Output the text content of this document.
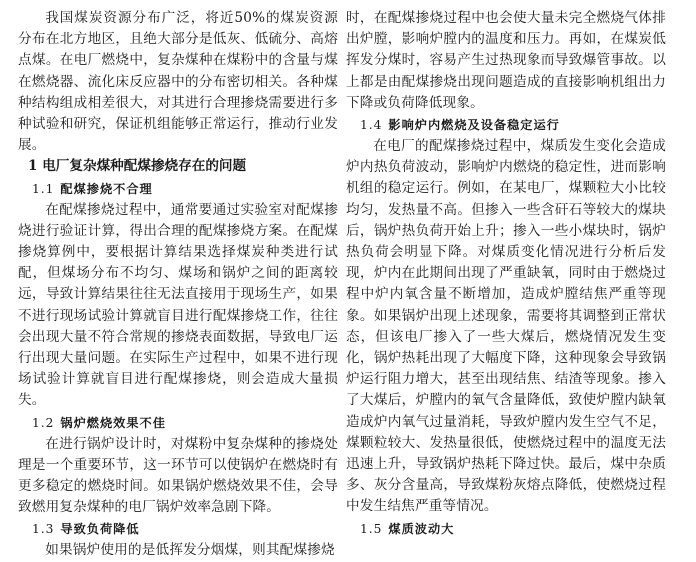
我国煤炭资源分布广泛，将近50%的煤炭资源分布在北方地区，且绝大部分是低灰、低硫分、高熔点煤。在电厂燃烧中，复杂煤种在煤粉中的含量与煤在燃烧器、流化床反应器中的分布密切相关。各种煤种结构组成相差很大，对其进行合理掺烧需要进行多种试验和研究，保证机组能够正常运行，推动行业发展。

1 电厂复杂煤种配煤掺烧存在的问题

1.1 配煤掺烧不合理

在配煤掺烧过程中，通常要通过实验室对配煤掺烧进行验证计算，得出合理的配煤掺烧方案。在配煤掺烧算例中，要根据计算结果选择煤炭种类进行试配，但煤场分布不均匀、煤场和锅炉之间的距离较远，导致计算结果往往无法直接用于现场生产，如果不进行现场试验计算就盲目进行配煤掺烧工作，往往会出现大量不符合常规的掺烧表面数据，导致电厂运行出现大量问题。在实际生产过程中，如果不进行现场试验计算就盲目进行配煤掺烧，则会造成大量损失。

1.2 锅炉燃烧效果不佳

在进行锅炉设计时，对煤粉中复杂煤种的掺烧处理是一个重要环节，这一环节可以使锅炉在燃烧时有更多稳定的燃烧时间。如果锅炉燃烧效果不佳，会导致燃用复杂煤种的电厂锅炉效率急剧下降。

1.3 导致负荷降低

如果锅炉使用的是低挥发分烟煤，则其配煤掺烧

时，在配煤掺烧过程中也会使大量未完全燃烧气体排出炉膛，影响炉膛内的温度和压力。再如，在煤炭低挥发分煤时，容易产生过热现象而导致爆管事故。以上都是由配煤掺烧出现问题造成的直接影响机组出力下降或负荷降低现象。

1.4 影响炉内燃烧及设备稳定运行

在电厂的配煤掺烧过程中，煤质发生变化会造成炉内热负荷波动，影响炉内燃烧的稳定性，进而影响机组的稳定运行。例如，在某电厂，煤颗粒大小比较均匀，发热量不高。但掺入一些含矸石等较大的煤块后，锅炉热负荷开始上升；掺入一些小煤块时，锅炉热负荷会明显下降。对煤质变化情况进行分析后发现，炉内在此期间出现了严重缺氧，同时由于燃烧过程中炉内氧含量不断增加，造成炉膛结焦严重等现象。如果锅炉出现上述现象，需要将其调整到正常状态，但该电厂掺入了一些大煤后，燃烧情况发生变化，锅炉热耗出现了大幅度下降，这种现象会导致锅炉运行阻力增大，甚至出现结焦、结渣等现象。掺入了大煤后，炉膛内的氧气含量降低，致使炉膛内缺氧造成炉内氧气过量消耗，导致炉膛内发生空气不足，煤颗粒较大、发热量很低，使燃烧过程中的温度无法迅速上升，导致锅炉热耗下降过快。最后，煤中杂质多、灰分含量高，导致煤粉灰熔点降低，使燃烧过程中发生结焦严重等情况。

1.5 煤质波动大
